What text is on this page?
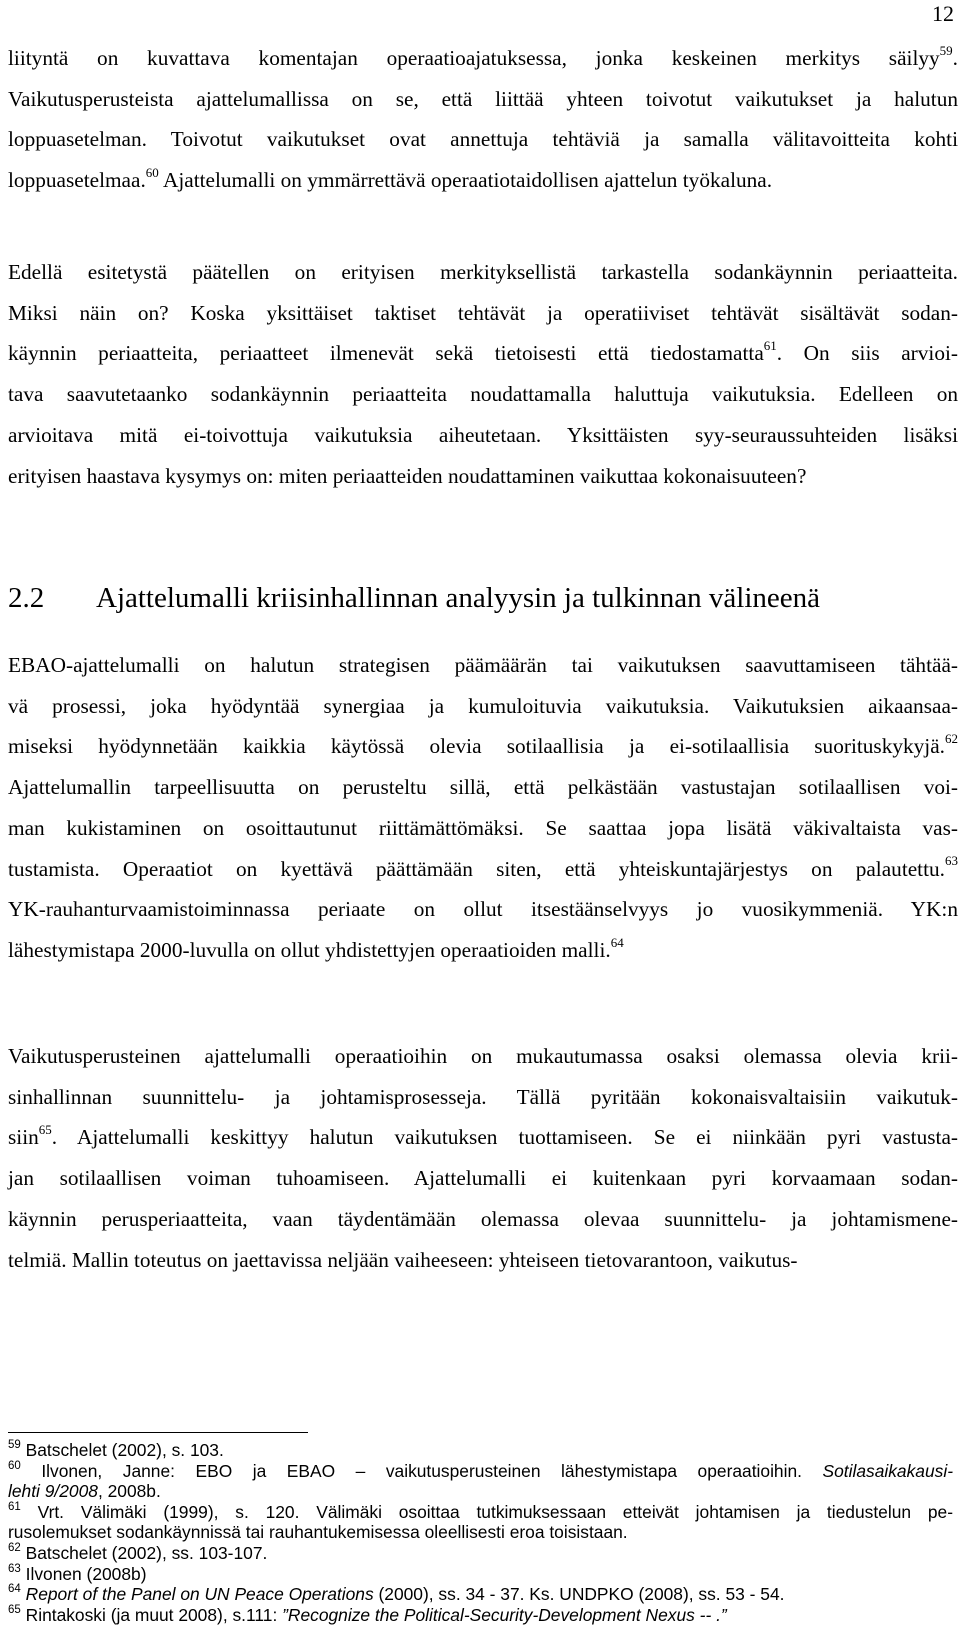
12
liityntä on kuvattava komentajan operaatioajatuksessa, jonka keskeinen merkitys säilyy$^{59}$.
Vaikutusperusteista ajattelumallissa on se, että liittää yhteen toivotut vaikutukset ja halutun
loppuasetelman. Toivotut vaikutukset ovat annettuja tehtäviä ja samalla välitavoitteita kohti
loppuasetelmaa.$^{60}$ Ajattelumalli on ymmärrettävä operaatiotaidollisen ajattelun työkaluna.
Edellä esitetystä päätellen on erityisen merkityksellistä tarkastella sodankäynnin periaatteita.
Miksi näin on? Koska yksittäiset taktiset tehtävät ja operatiiviset tehtävät sisältävät sodan-
käynnin periaatteita, periaatteet ilmenevät sekä tietoisesti että tiedostamatta$^{61}$. On siis arvioi-
tava saavutetaanko sodankäynnin periaatteita noudattamalla haluttuja vaikutuksia. Edelleen on
arvioitava mitä ei-toivottuja vaikutuksia aiheutetaan. Yksittäisten syy-seuraussuhteiden lisäksi
erityisen haastava kysymys on: miten periaatteiden noudattaminen vaikuttaa kokonaisuuteen?
2.2 Ajattelumalli kriisinhallinnan analyysin ja tulkinnan välineenä
EBAO-ajattelumalli on halutun strategisen päämäärän tai vaikutuksen saavuttamiseen tähtää-
vä prosessi, joka hyödyntää synergiaa ja kumuloituvia vaikutuksia. Vaikutuksien aikaansaa-
miseksi hyödynnetään kaikkia käytössä olevia sotilaallisia ja ei-sotilaallisia suorituskykyjä.$^{62}$
Ajattelumallin tarpeellisuutta on perusteltu sillä, että pelkästään vastustajan sotilaallisen voi-
man kukistaminen on osoittautunut riittämättömäksi. Se saattaa jopa lisätä väkivaltaista vas-
tustamista. Operaatiot on kyettävä päättämään siten, että yhteiskuntajärjestys on palautettu.$^{63}$
YK-rauhanturvaamistoiminnassa periaate on ollut itsestäänselvyys jo vuosikymmeniä. YK:n
lähestymistapa 2000-luvulla on ollut yhdistettyjen operaatioiden malli.$^{64}$
Vaikutusperusteinen ajattelumalli operaatioihin on mukautumassa osaksi olemassa olevia krii-
sinhallinnan suunnittelu- ja johtamisprosesseja. Tällä pyritään kokonaisvaltaisiin vaikutuk-
siin$^{65}$. Ajattelumalli keskittyy halutun vaikutuksen tuottamiseen. Se ei niinkään pyri vastusta-
jan sotilaallisen voiman tuhoamiseen. Ajattelumalli ei kuitenkaan pyri korvaamaan sodan-
käynnin perusperiaatteita, vaan täydentämään olemassa olevaa suunnittelu- ja johtamismene-
telmiä. Mallin toteutus on jaettavissa neljään vaiheeseen: yhteiseen tietovarantoon, vaikutus-
$^{59}$ Batschelet (2002), s. 103.
$^{60}$ Ilvonen, Janne: EBO ja EBAO – vaikutusperusteinen lähestymistapa operaatioihin. Sotilasaikakausi-
lehti 9/2008, 2008b.
$^{61}$ Vrt. Välimäki (1999), s. 120. Välimäki osoittaa tutkimuksessaan etteivät johtamisen ja tiedustelun pe-
rusolemukset sodankäynnissä tai rauhantukemisessa oleellisesti eroa toisistaan.
$^{62}$ Batschelet (2002), ss. 103-107.
$^{63}$ Ilvonen (2008b)
$^{64}$ Report of the Panel on UN Peace Operations (2000), ss. 34 - 37. Ks. UNDPKO (2008), ss. 53 - 54.
$^{65}$ Rintakoski (ja muut 2008), s.111: ”Recognize the Political-Security-Development Nexus -- .”
